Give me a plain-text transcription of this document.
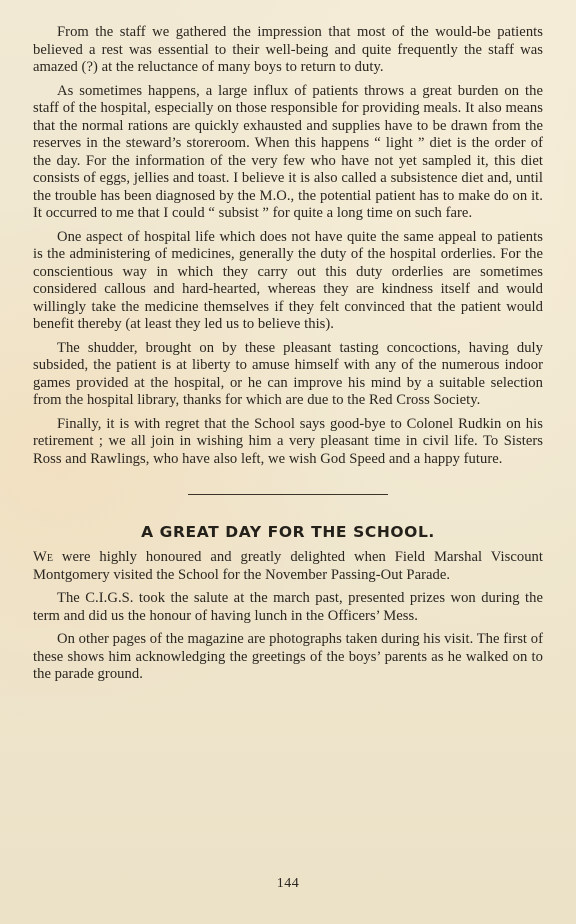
From the staff we gathered the impression that most of the would-be patients believed a rest was essential to their well-being and quite frequently the staff was amazed (?) at the reluctance of many boys to return to duty.

As sometimes happens, a large influx of patients throws a great burden on the staff of the hospital, especially on those responsible for providing meals. It also means that the normal rations are quickly exhausted and supplies have to be drawn from the reserves in the steward’s storeroom. When this happens “ light ” diet is the order of the day. For the information of the very few who have not yet sampled it, this diet consists of eggs, jellies and toast. I believe it is also called a subsistence diet and, until the trouble has been diagnosed by the M.O., the potential patient has to make do on it. It occurred to me that I could “ subsist ” for quite a long time on such fare.

One aspect of hospital life which does not have quite the same appeal to patients is the administering of medicines, generally the duty of the hospital orderlies. For the conscientious way in which they carry out this duty orderlies are sometimes considered callous and hard-hearted, whereas they are kindness itself and would willingly take the medicine themselves if they felt convinced that the patient would benefit thereby (at least they led us to believe this).

The shudder, brought on by these pleasant tasting concoctions, having duly subsided, the patient is at liberty to amuse himself with any of the numerous indoor games provided at the hospital, or he can improve his mind by a suitable selection from the hospital library, thanks for which are due to the Red Cross Society.

Finally, it is with regret that the School says good-bye to Colonel Rudkin on his retirement ; we all join in wishing him a very pleasant time in civil life. To Sisters Ross and Rawlings, who have also left, we wish God Speed and a happy future.

A GREAT DAY FOR THE SCHOOL.

We were highly honoured and greatly delighted when Field Marshal Viscount Montgomery visited the School for the November Passing-Out Parade.

The C.I.G.S. took the salute at the march past, presented prizes won during the term and did us the honour of having lunch in the Officers’ Mess.

On other pages of the magazine are photographs taken during his visit. The first of these shows him acknowledging the greetings of the boys’ parents as he walked on to the parade ground.

144
